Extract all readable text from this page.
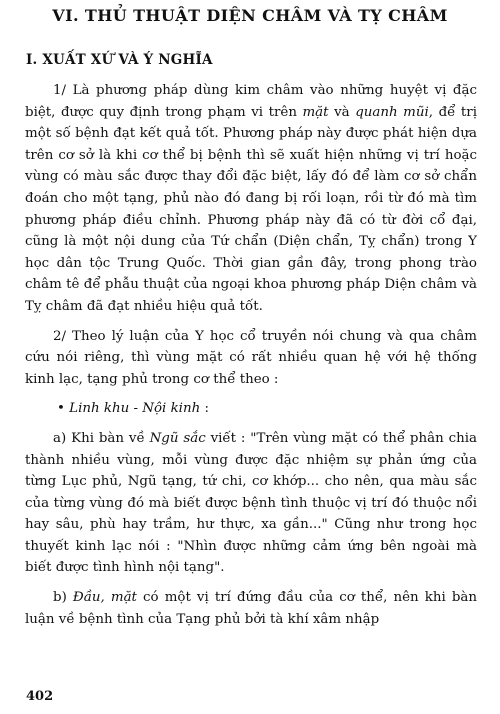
VI. THỦ THUẬT DIỆN CHÂM VÀ TỴ CHÂM
I. XUẤT XỨ VÀ Ý NGHĨA

1/ Là phương pháp dùng kim châm vào những huyệt vị đặc biệt, được quy định trong phạm vi trên mặt và quanh mũi, để trị một số bệnh đạt kết quả tốt. Phương pháp này được phát hiện dựa trên cơ sở là khi cơ thể bị bệnh thì sẽ xuất hiện những vị trí hoặc vùng có màu sắc được thay đổi đặc biệt, lấy đó để làm cơ sở chẩn đoán cho một tạng, phủ nào đó đang bị rối loạn, rồi từ đó mà tìm phương pháp điều chỉnh. Phương pháp này đã có từ đời cổ đại, cũng là một nội dung của Tứ chẩn (Diện chẩn, Tỵ chẩn) trong Y học dân tộc Trung Quốc. Thời gian gần đây, trong phong trào châm tê để phẫu thuật của ngoại khoa phương pháp Diện châm và Tỵ châm đã đạt nhiều hiệu quả tốt.

2/ Theo lý luận của Y học cổ truyền nói chung và qua châm cứu nói riêng, thì vùng mặt có rất nhiều quan hệ với hệ thống kinh lạc, tạng phủ trong cơ thể theo :

• Linh khu - Nội kinh :

a) Khi bàn về Ngũ sắc viết : "Trên vùng mặt có thể phân chia thành nhiều vùng, mỗi vùng được đặc nhiệm sự phản ứng của từng Lục phủ, Ngũ tạng, tứ chi, cơ khớp... cho nên, qua màu sắc của từng vùng đó mà biết được bệnh tình thuộc vị trí đó thuộc nổi hay sâu, phù hay trầm, hư thực, xa gần..." Cũng như trong học thuyết kinh lạc nói : "Nhìn được những cảm ứng bên ngoài mà biết được tình hình nội tạng".

b) Đầu, mặt có một vị trí đứng đầu của cơ thể, nên khi bàn luận về bệnh tình của Tạng phủ bởi tà khí xâm nhập

402
